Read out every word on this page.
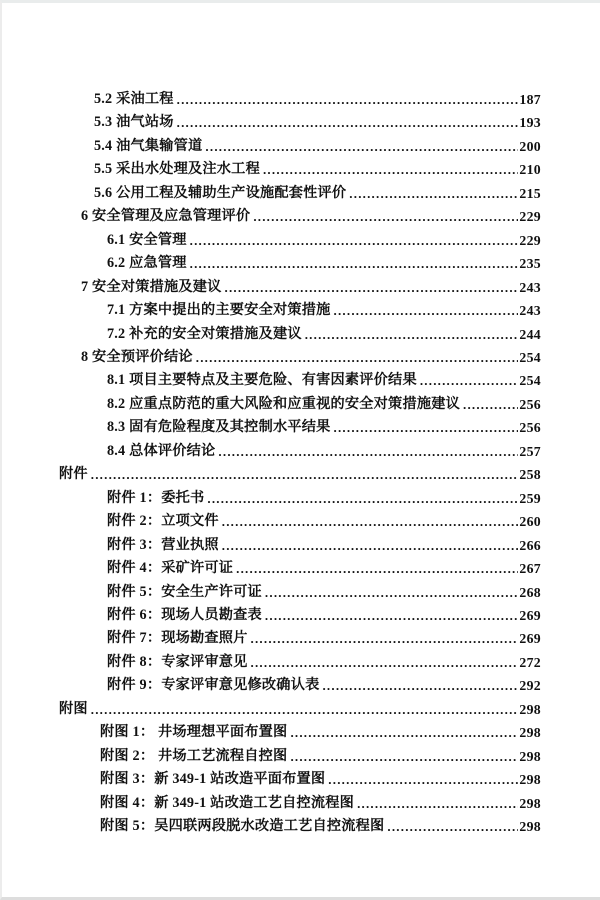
5.2 采油工程 .....	187
5.3 油气站场 .....	193
5.4 油气集输管道 .....	200
5.5 采出水处理及注水工程 .....	210
5.6 公用工程及辅助生产设施配套性评价 .....	215
6 安全管理及应急管理评价 .....	229
6.1 安全管理 .....	229
6.2 应急管理 .....	235
7 安全对策措施及建议 .....	243
7.1 方案中提出的主要安全对策措施 .....	243
7.2 补充的安全对策措施及建议 .....	244
8 安全预评价结论 .....	254
8.1 项目主要特点及主要危险、有害因素评价结果 .....	254
8.2 应重点防范的重大风险和应重视的安全对策措施建议 .....	256
8.3 固有危险程度及其控制水平结果 .....	256
8.4 总体评价结论 .....	257
附件 .....	258
附件 1：委托书 .....	259
附件 2：立项文件 .....	260
附件 3：营业执照 .....	266
附件 4：采矿许可证 .....	267
附件 5：安全生产许可证 .....	268
附件 6：现场人员勘查表 .....	269
附件 7：现场勘查照片 .....	269
附件 8：专家评审意见 .....	272
附件 9：专家评审意见修改确认表 .....	292
附图 .....	298
附图 1： 井场理想平面布置图 .....	298
附图 2： 井场工艺流程自控图 .....	298
附图 3：新 349-1 站改造平面布置图 .....	298
附图 4：新 349-1 站改造工艺自控流程图 .....	298
附图 5：吴四联两段脱水改造工艺自控流程图 .....	298
